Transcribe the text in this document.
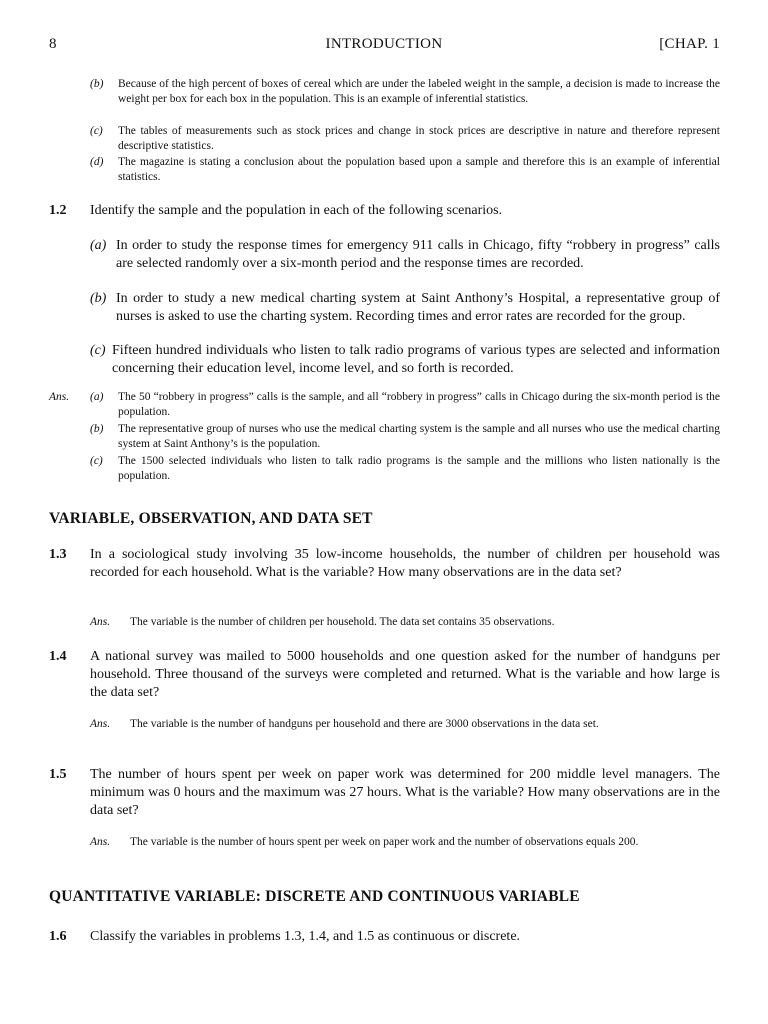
INTRODUCTION
8	[CHAP. 1
(b)	Because of the high percent of boxes of cereal which are under the labeled weight in the sample, a decision is made to increase the weight per box for each box in the population. This is an example of inferential statistics.
(c)	The tables of measurements such as stock prices and change in stock prices are descriptive in nature and therefore represent descriptive statistics.
(d)	The magazine is stating a conclusion about the population based upon a sample and therefore this is an example of inferential statistics.
1.2 Identify the sample and the population in each of the following scenarios.
(a) In order to study the response times for emergency 911 calls in Chicago, fifty “robbery in progress” calls are selected randomly over a six-month period and the response times are recorded.
(b) In order to study a new medical charting system at Saint Anthony’s Hospital, a representative group of nurses is asked to use the charting system. Recording times and error rates are recorded for the group.
(c) Fifteen hundred individuals who listen to talk radio programs of various types are selected and information concerning their education level, income level, and so forth is recorded.
Ans. (a)	The 50 “robbery in progress” calls is the sample, and all “robbery in progress” calls in Chicago during the six-month period is the population.
(b)	The representative group of nurses who use the medical charting system is the sample and all nurses who use the medical charting system at Saint Anthony’s is the population.
(c)	The 1500 selected individuals who listen to talk radio programs is the sample and the millions who listen nationally is the population.
VARIABLE, OBSERVATION, AND DATA SET
1.3 In a sociological study involving 35 low-income households, the number of children per household was recorded for each household. What is the variable? How many observations are in the data set?
Ans. The variable is the number of children per household. The data set contains 35 observations.
1.4 A national survey was mailed to 5000 households and one question asked for the number of handguns per household. Three thousand of the surveys were completed and returned. What is the variable and how large is the data set?
Ans. The variable is the number of handguns per household and there are 3000 observations in the data set.
1.5 The number of hours spent per week on paper work was determined for 200 middle level managers. The minimum was 0 hours and the maximum was 27 hours. What is the variable? How many observations are in the data set?
Ans. The variable is the number of hours spent per week on paper work and the number of observations equals 200.
QUANTITATIVE VARIABLE: DISCRETE AND CONTINUOUS VARIABLE
1.6 Classify the variables in problems 1.3, 1.4, and 1.5 as continuous or discrete.
